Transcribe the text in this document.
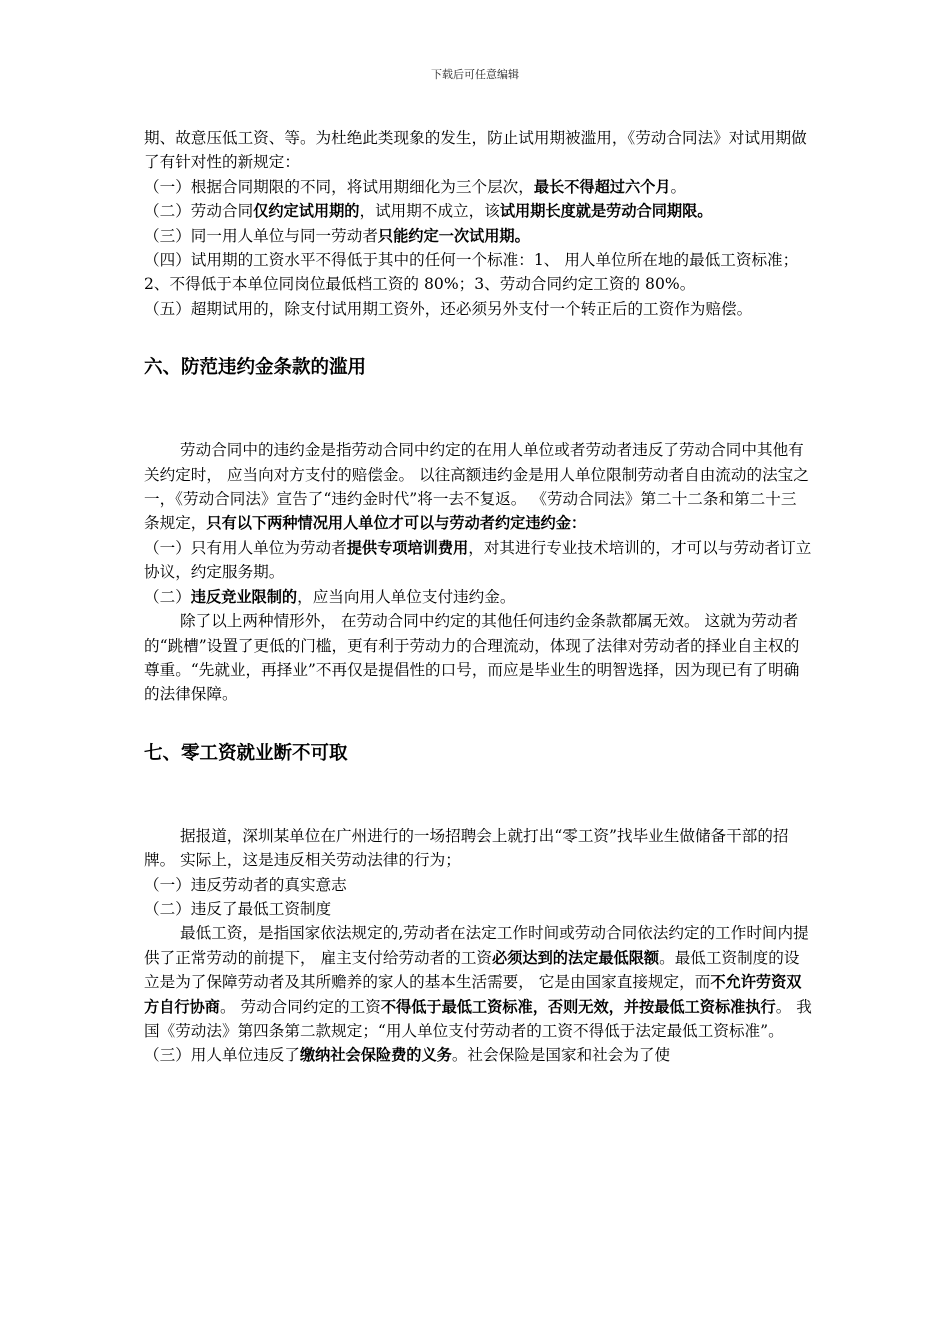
下载后可任意编辑

期、故意压低工资、等。为杜绝此类现象的发生，防止试用期被滥用，《劳动合同法》对试用期做了有针对性的新规定：

（一）根据合同期限的不同，将试用期细化为三个层次，最长不得超过六个月。

（二）劳动合同仅约定试用期的，试用期不成立，该试用期长度就是劳动合同期限。

（三）同一用人单位与同一劳动者只能约定一次试用期。

（四）试用期的工资水平不得低于其中的任何一个标准：1、 用人单位所在地的最低工资标准；2、不得低于本单位同岗位最低档工资的 80%；3、劳动合同约定工资的 80%。

（五）超期试用的，除支付试用期工资外，还必须另外支付一个转正后的工资作为赔偿。

六、防范违约金条款的滥用

劳动合同中的违约金是指劳动合同中约定的在用人单位或者劳动者违反了劳动合同中其他有关约定时， 应当向对方支付的赔偿金。 以往高额违约金是用人单位限制劳动者自由流动的法宝之一，《劳动合同法》宣告了“违约金时代”将一去不复返。 《劳动合同法》第二十二条和第二十三条规定，只有以下两种情况用人单位才可以与劳动者约定违约金：

（一）只有用人单位为劳动者提供专项培训费用，对其进行专业技术培训的，才可以与劳动者订立协议，约定服务期。

（二）违反竞业限制的，应当向用人单位支付违约金。

除了以上两种情形外， 在劳动合同中约定的其他任何违约金条款都属无效。 这就为劳动者的“跳槽”设置了更低的门槛，更有利于劳动力的合理流动，体现了法律对劳动者的择业自主权的尊重。“先就业，再择业”不再仅是提倡性的口号，而应是毕业生的明智选择，因为现已有了明确的法律保障。

七、零工资就业断不可取

据报道，深圳某单位在广州进行的一场招聘会上就打出“零工资”找毕业生做储备干部的招牌。 实际上，这是违反相关劳动法律的行为；

（一）违反劳动者的真实意志

（二）违反了最低工资制度

最低工资，是指国家依法规定的,劳动者在法定工作时间或劳动合同依法约定的工作时间内提供了正常劳动的前提下， 雇主支付给劳动者的工资必须达到的法定最低限额。最低工资制度的设立是为了保障劳动者及其所赡养的家人的基本生活需要， 它是由国家直接规定，而不允许劳资双方自行协商。 劳动合同约定的工资不得低于最低工资标准，否则无效，并按最低工资标准执行。 我国《劳动法》第四条第二款规定；“用人单位支付劳动者的工资不得低于法定最低工资标准”。

（三）用人单位违反了缴纳社会保险费的义务。社会保险是国家和社会为了使
